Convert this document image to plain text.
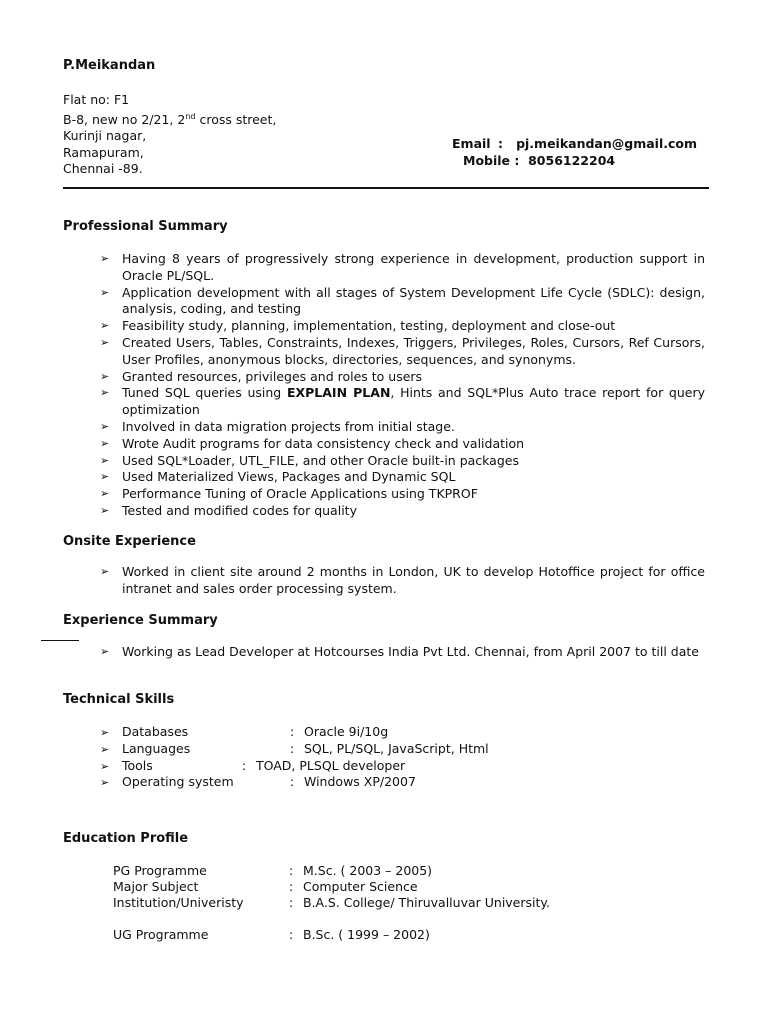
P.Meikandan
Flat no: F1
B-8, new no 2/21, 2nd cross street,
Kurinji nagar,
Ramapuram,
Chennai -89.
Email : pj.meikandan@gmail.com
Mobile : 8056122204
Professional Summary
➢ Having 8 years of progressively strong experience in development, production support in Oracle PL/SQL.
➢ Application development with all stages of System Development Life Cycle (SDLC): design, analysis, coding, and testing
➢ Feasibility study, planning, implementation, testing, deployment and close-out
➢ Created Users, Tables, Constraints, Indexes, Triggers, Privileges, Roles, Cursors, Ref Cursors, User Profiles, anonymous blocks, directories, sequences, and synonyms.
➢ Granted resources, privileges and roles to users
➢ Tuned SQL queries using EXPLAIN PLAN, Hints and SQL*Plus Auto trace report for query optimization
➢ Involved in data migration projects from initial stage.
➢ Wrote Audit programs for data consistency check and validation
➢ Used SQL*Loader, UTL_FILE, and other Oracle built-in packages
➢ Used Materialized Views, Packages and Dynamic SQL
➢ Performance Tuning of Oracle Applications using TKPROF
➢ Tested and modified codes for quality
Onsite Experience
➢ Worked in client site around 2 months in London, UK to develop Hotoffice project for office intranet and sales order processing system.
Experience Summary
➢ Working as Lead Developer at Hotcourses India Pvt Ltd. Chennai, from April 2007 to till date
Technical Skills
➢
➢
➢
➢
Databases	: Oracle 9i/10g
Languages	: SQL, PL/SQL, JavaScript, Html
Tools	: TOAD, PLSQL developer
Operating system	: Windows XP/2007
Education Profile
PG Programme	: M.Sc. ( 2003 – 2005)
Major Subject	: Computer Science
Institution/Univeristy	: B.A.S. College/ Thiruvalluvar University.
UG Programme	: B.Sc. ( 1999 – 2002)
